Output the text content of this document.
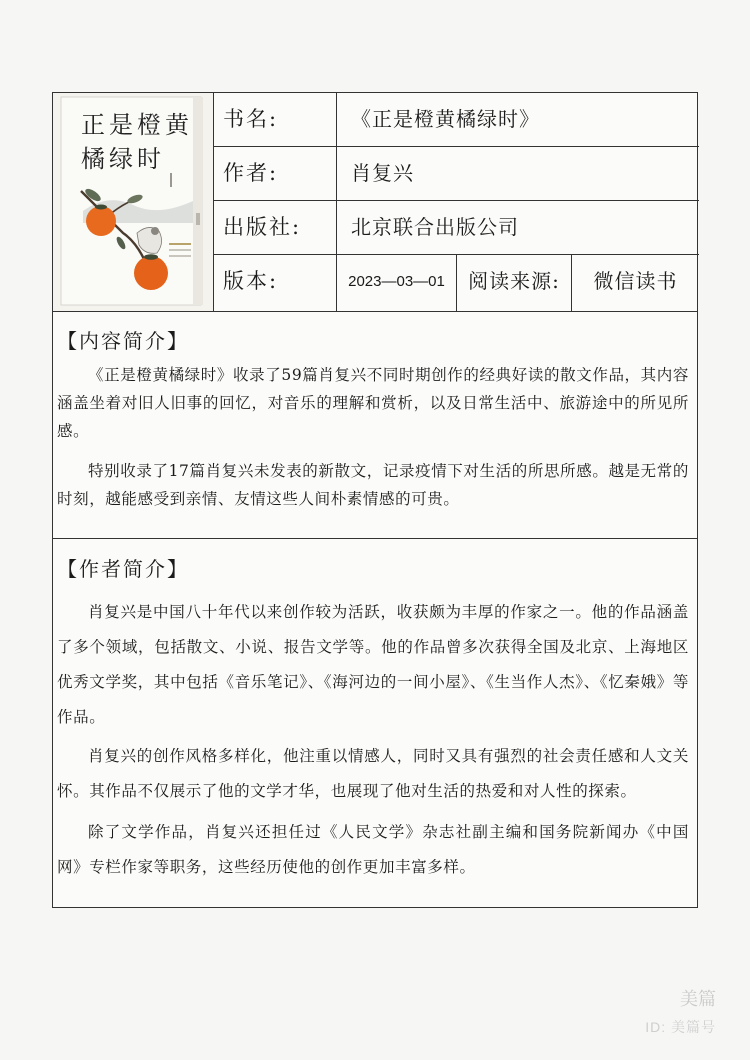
正是橙黄
橘绿时
书名:	《正是橙黄橘绿时》
作者:	肖复兴
出版社:	北京联合出版公司
版本:	2023—03—01	阅读来源:	微信读书
【内容简介】
《正是橙黄橘绿时》收录了59篇肖复兴不同时期创作的经典好读的散文作品，其内容涵盖坐着对旧人旧事的回忆，对音乐的理解和赏析，以及日常生活中、旅游途中的所见所感。
特别收录了17篇肖复兴未发表的新散文，记录疫情下对生活的所思所感。越是无常的时刻，越能感受到亲情、友情这些人间朴素情感的可贵。
【作者简介】
肖复兴是中国八十年代以来创作较为活跃，收获颇为丰厚的作家之一。他的作品涵盖了多个领域，包括散文、小说、报告文学等。他的作品曾多次获得全国及北京、上海地区优秀文学奖，其中包括《音乐笔记》、《海河边的一间小屋》、《生当作人杰》、《忆秦娥》等作品。
肖复兴的创作风格多样化，他注重以情感人，同时又具有强烈的社会责任感和人文关怀。其作品不仅展示了他的文学才华，也展现了他对生活的热爱和对人性的探索。
除了文学作品，肖复兴还担任过《人民文学》杂志社副主编和国务院新闻办《中国网》专栏作家等职务，这些经历使他的创作更加丰富多样。
美篇
ID: 美篇号
